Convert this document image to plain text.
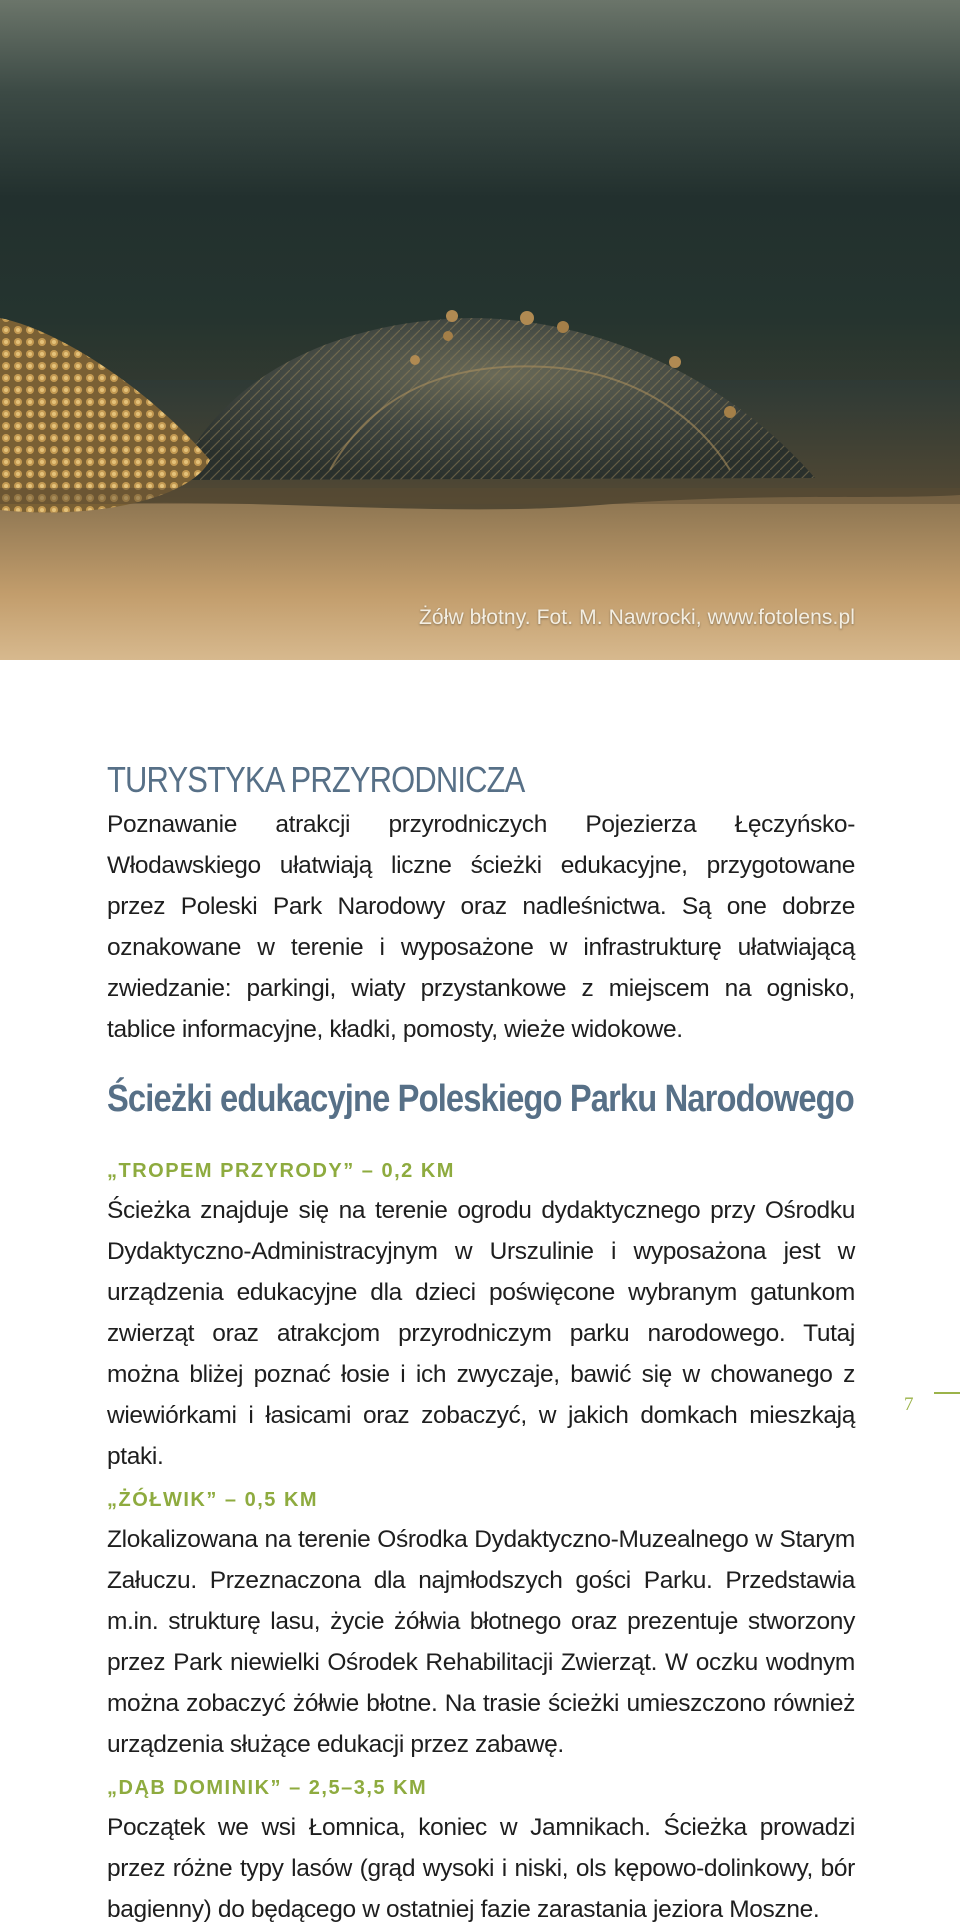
Żółw błotny. Fot. M. Nawrocki, www.fotolens.pl
TURYSTYKA PRZYRODNICZA

Poznawanie atrakcji przyrodniczych Pojezierza Łęczyńsko-Włodawskiego ułatwiają liczne ścieżki edukacyjne, przygotowane przez Poleski Park Narodowy oraz nadleśnictwa. Są one dobrze oznakowane w terenie i wyposażone w infrastrukturę ułatwiającą zwiedzanie: parkingi, wiaty przystankowe z miejscem na ognisko, tablice informacyjne, kładki, pomosty, wieże widokowe.

Ścieżki edukacyjne Poleskiego Parku Narodowego
„TROPEM PRZYRODY” – 0,2 KM

Ścieżka znajduje się na terenie ogrodu dydaktycznego przy Ośrodku Dydaktyczno-Administracyjnym w Urszulinie i wyposażona jest w urządzenia edukacyjne dla dzieci poświęcone wybranym gatunkom zwierząt oraz atrakcjom przyrodniczym parku narodowego. Tutaj można bliżej poznać łosie i ich zwyczaje, bawić się w chowanego z wiewiórkami i łasicami oraz zobaczyć, w jakich domkach mieszkają ptaki.

„ŻÓŁWIK” – 0,5 KM

Zlokalizowana na terenie Ośrodka Dydaktyczno-Muzealnego w Starym Załuczu. Przeznaczona dla najmłodszych gości Parku. Przedstawia m.in. strukturę lasu, życie żółwia błotnego oraz prezentuje stworzony przez Park niewielki Ośrodek Rehabilitacji Zwierząt. W oczku wodnym można zobaczyć żółwie błotne. Na trasie ścieżki umieszczono również urządzenia służące edukacji przez zabawę.

„DĄB DOMINIK” – 2,5–3,5 KM

Początek we wsi Łomnica, koniec w Jamnikach. Ścieżka prowadzi przez różne typy lasów (grąd wysoki i niski, ols kępowo-dolinkowy, bór bagienny) do będącego w ostatniej fazie zarastania jeziora Moszne.

7
